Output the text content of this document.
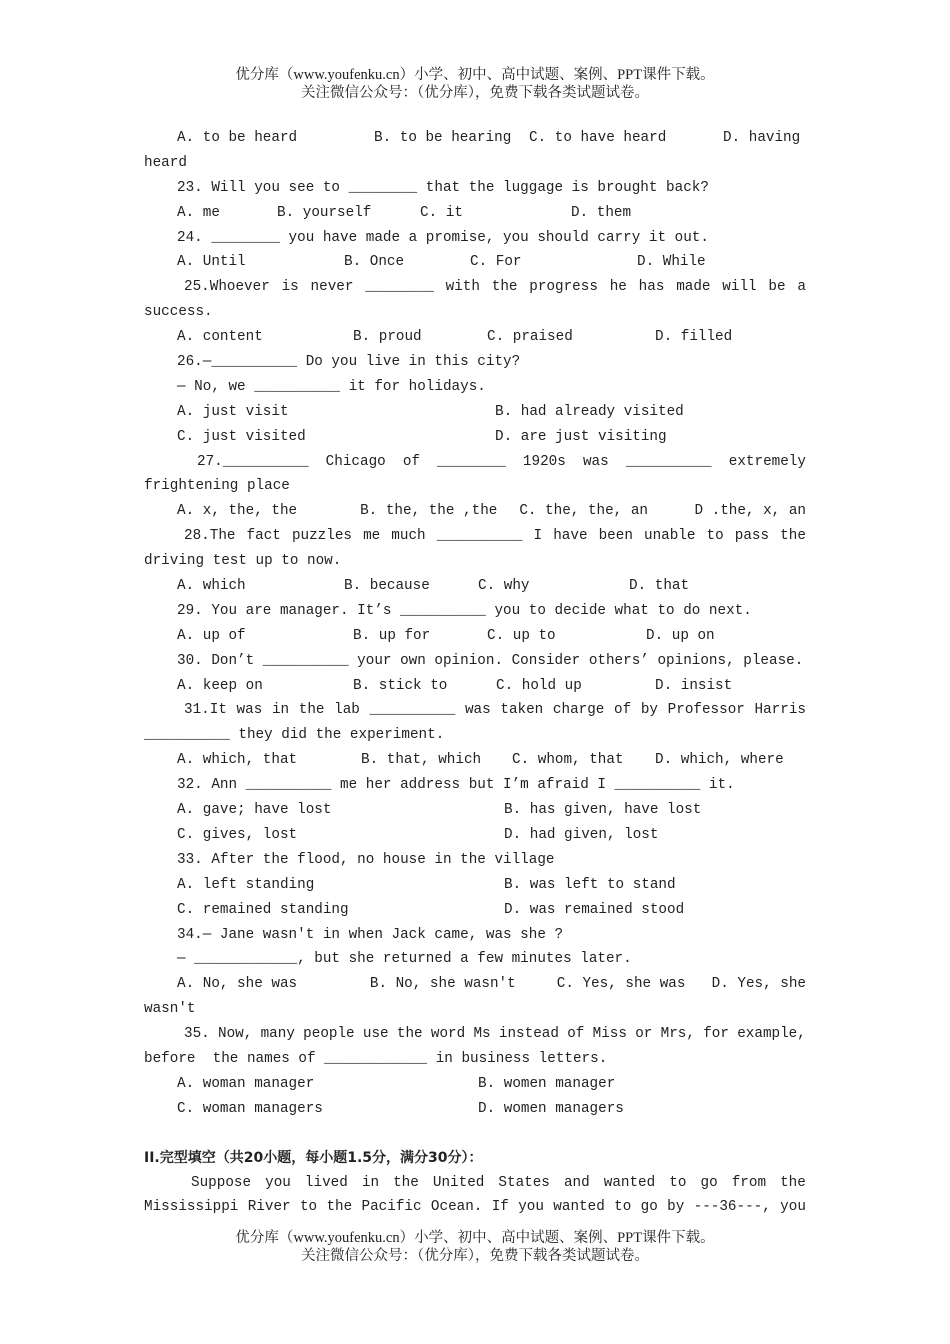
优分库（www.youfenku.cn）小学、初中、高中试题、案例、PPT课件下载。
关注微信公众号：（优分库），免费下载各类试题试卷。
A. to be heard	B. to be hearing	C. to have heard	D. having
heard
23. Will you see to ________ that the luggage is brought back?
A. me	B. yourself	C. it	D. them
24. ________ you have made a promise, you should carry it out.
A. Until	B. Once	C. For	D. While
25.Whoever is never ________ with the progress he has made will be a
success.
A. content	B. proud	C. praised	D. filled
26.—__________ Do you live in this city?
— No, we __________ it for holidays.
A. just visit	B. had already visited
C. just visited	D. are just visiting
27.__________ Chicago of ________ 1920s was __________ extremely
frightening place
A. x, the, the	B. the, the ,the	C. the, the, an	D .the, x, an
28.The fact puzzles me much __________ I have been unable to pass the
driving test up to now.
A. which	B. because	C. why	D. that
29. You are manager. It’s __________ you to decide what to do next.
A. up of	B. up for	C. up to	D. up on
30. Don’t __________ your own opinion. Consider others’ opinions, please.
A. keep on	B. stick to	C. hold up	D. insist
31.It was in the lab __________ was taken charge of by Professor Harris
__________ they did the experiment.
A. which, that	B. that, which	C. whom, that	D. which, where
32. Ann __________ me her address but I’m afraid I __________ it.
A. gave; have lost	B. has given, have lost
C. gives, lost	D. had given, lost
33. After the flood, no house in the village
A. left standing	B. was left to stand
C. remained standing	D. was remained stood
34.— Jane wasn't in when Jack came, was she ?
— ____________, but she returned a few minutes later.
A. No, she was	B. No, she wasn't	C. Yes, she was	D. Yes, she
wasn't
35. Now, many people use the word Ms instead of Miss or Mrs, for example,
before  the names of ____________ in business letters.
A. woman manager	B. women manager
C. woman managers	D. women managers
II.完型填空（共20小题，每小题1.5分，满分30分）：
Suppose you lived in the United States and wanted to go from the
Mississippi River to the Pacific Ocean. If you wanted to go by ---36---, you
优分库（www.youfenku.cn）小学、初中、高中试题、案例、PPT课件下载。
关注微信公众号：（优分库），免费下载各类试题试卷。
